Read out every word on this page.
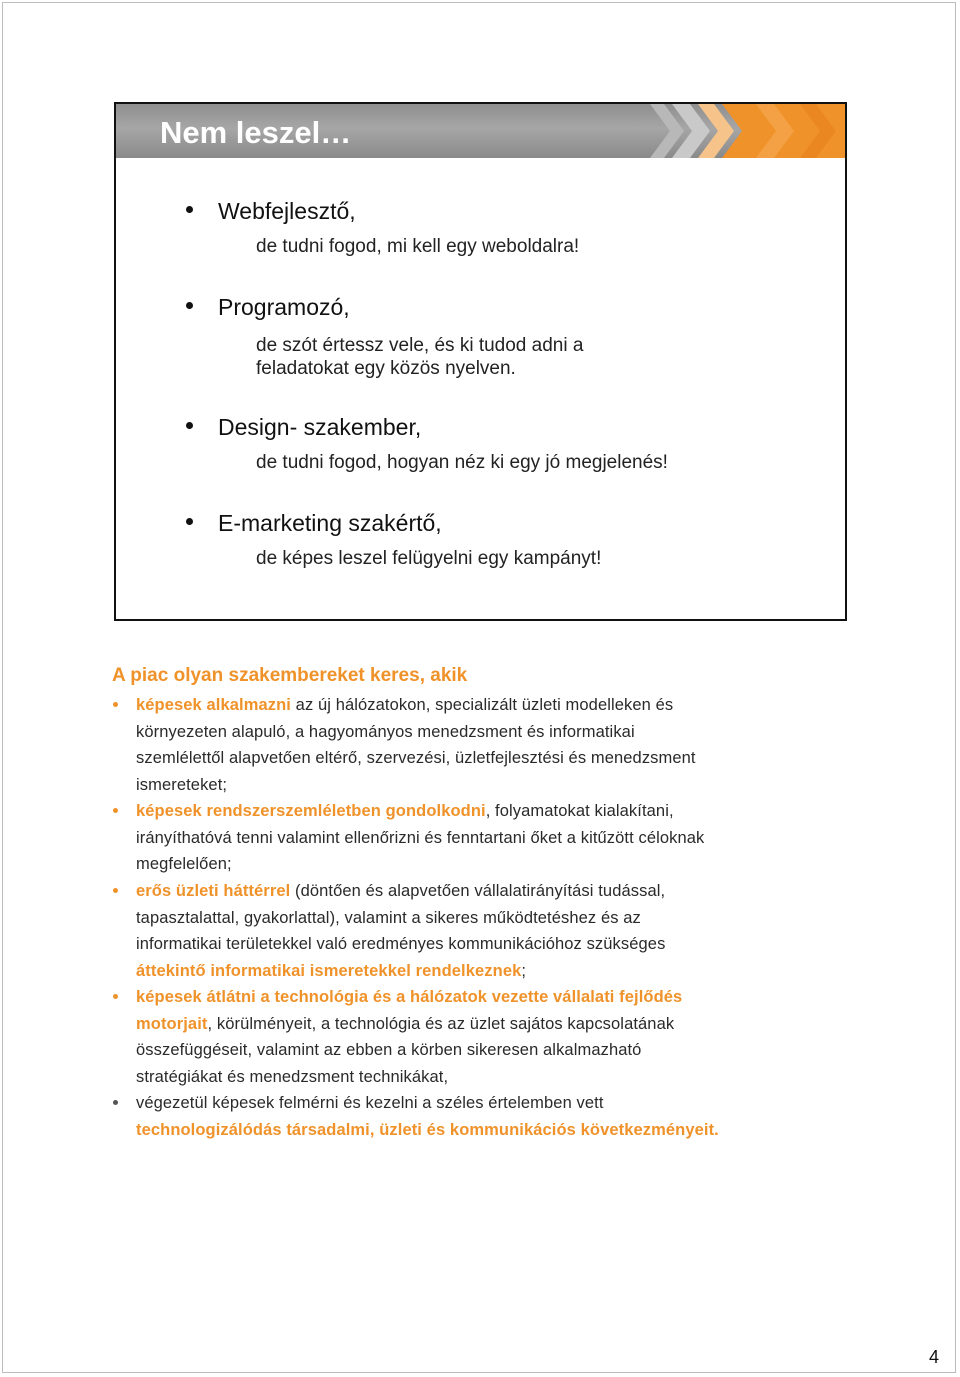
Nem leszel…
Webfejlesztő,
de tudni fogod, mi kell egy weboldalra!
Programozó,
de szót értessz vele, és ki tudod adni a
feladatokat egy közös nyelven.
Design- szakember,
de tudni fogod, hogyan néz ki egy jó megjelenés!
E-marketing szakértő,
de képes leszel felügyelni egy kampányt!
A piac olyan szakembereket keres, akik
képesek alkalmazni az új hálózatokon, specializált üzleti modelleken és
környezeten alapuló, a hagyományos menedzsment és informatikai
szemlélettől alapvetően eltérő, szervezési, üzletfejlesztési és menedzsment
ismereteket;
képesek rendszerszemléletben gondolkodni, folyamatokat kialakítani,
irányíthatóvá tenni valamint ellenőrizni és fenntartani őket a kitűzött céloknak
megfelelően;
erős üzleti háttérrel (döntően és alapvetően vállalatirányítási tudással,
tapasztalattal, gyakorlattal), valamint a sikeres működtetéshez és az
informatikai területekkel való eredményes kommunikációhoz szükséges
áttekintő informatikai ismeretekkel rendelkeznek;
képesek átlátni a technológia és a hálózatok vezette vállalati fejlődés
motorjait, körülményeit, a technológia és az üzlet sajátos kapcsolatának
összefüggéseit, valamint az ebben a körben sikeresen alkalmazható
stratégiákat és menedzsment technikákat,
végezetül képesek felmérni és kezelni a széles értelemben vett
technologizálódás társadalmi, üzleti és kommunikációs következményeit.
4
